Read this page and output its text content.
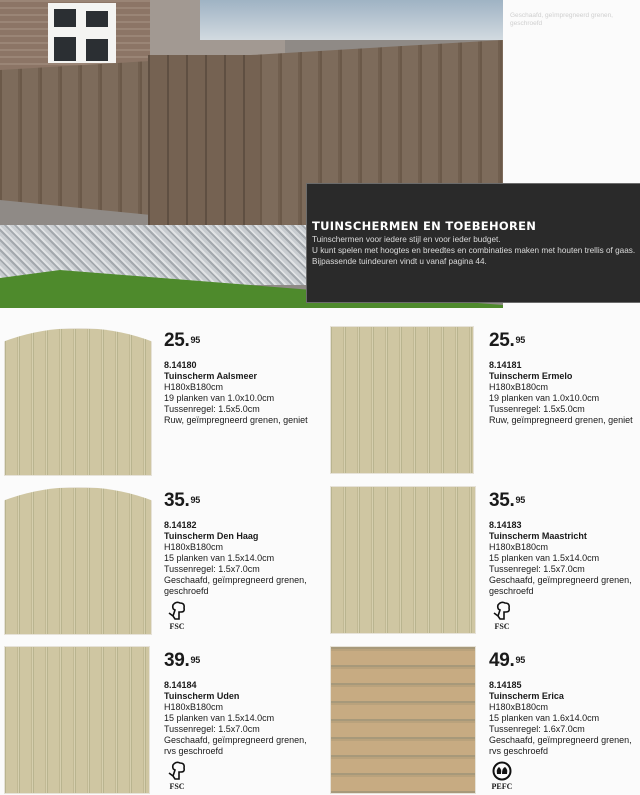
Geschaafd, geïmpregneerd grenen,
geschroefd
TUINSCHERMEN EN TOEBEHOREN

Tuinschermen voor iedere stijl en voor ieder budget.

U kunt spelen met hoogtes en breedtes en combinaties maken met houten trellis of gaas.

Bijpassende tuindeuren vindt u vanaf pagina 44.

25.95
8.14180
Tuinscherm Aalsmeer
H180xB180cm
19 planken van 1.0x10.0cm
Tussenregel: 1.5x5.0cm
Ruw, geïmpregneerd grenen, geniet
25.95
8.14181
Tuinscherm Ermelo
H180xB180cm
19 planken van 1.0x10.0cm
Tussenregel: 1.5x5.0cm
Ruw, geïmpregneerd grenen, geniet
35.95
8.14182
Tuinscherm Den Haag
H180xB180cm
15 planken van 1.5x14.0cm
Tussenregel: 1.5x7.0cm
Geschaafd, geïmpregneerd grenen,
geschroefd
FSC
35.95
8.14183
Tuinscherm Maastricht
H180xB180cm
15 planken van 1.5x14.0cm
Tussenregel: 1.5x7.0cm
Geschaafd, geïmpregneerd grenen,
geschroefd
FSC
39.95
8.14184
Tuinscherm Uden
H180xB180cm
15 planken van 1.5x14.0cm
Tussenregel: 1.5x7.0cm
Geschaafd, geïmpregneerd grenen,
rvs geschroefd
FSC
49.95
8.14185
Tuinscherm Erica
H180xB180cm
15 planken van 1.6x14.0cm
Tussenregel: 1.6x7.0cm
Geschaafd, geïmpregneerd grenen,
rvs geschroefd
PEFC
